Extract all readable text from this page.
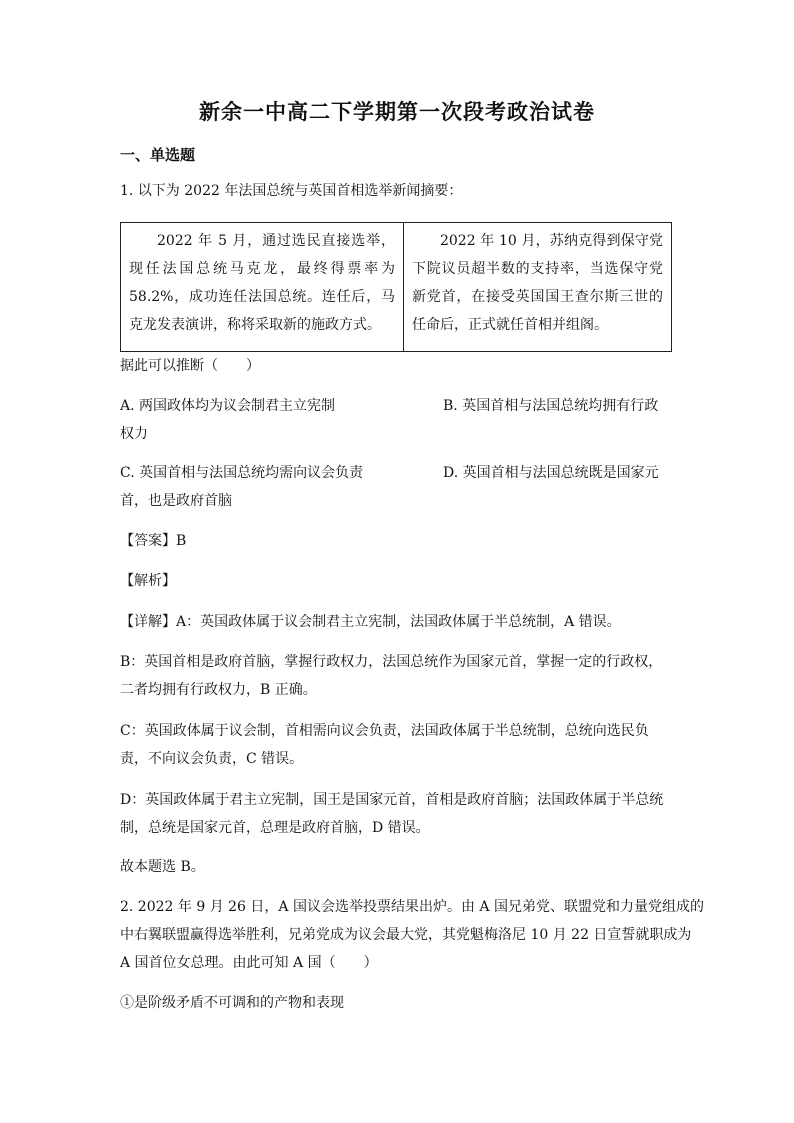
新余一中高二下学期第一次段考政治试卷
一、单选题
1. 以下为 2022 年法国总统与英国首相选举新闻摘要：
2022 年 5 月，通过选民直接选举，现任法国总统马克龙，最终得票率为 58.2%，成功连任法国总统。连任后，马克龙发表演讲，称将采取新的施政方式。
2022 年 10 月，苏纳克得到保守党下院议员超半数的支持率，当选保守党新党首，在接受英国国王查尔斯三世的任命后，正式就任首相并组阁。
据此可以推断（　　）
A. 两国政体均为议会制君主立宪制	B. 英国首相与法国总统均拥有行政
权力
C. 英国首相与法国总统均需向议会负责	D. 英国首相与法国总统既是国家元
首，也是政府首脑
【答案】B
【解析】
【详解】A：英国政体属于议会制君主立宪制，法国政体属于半总统制，A 错误。
B：英国首相是政府首脑，掌握行政权力，法国总统作为国家元首，掌握一定的行政权，
二者均拥有行政权力，B 正确。
C：英国政体属于议会制，首相需向议会负责，法国政体属于半总统制，总统向选民负
责，不向议会负责，C 错误。
D：英国政体属于君主立宪制，国王是国家元首，首相是政府首脑；法国政体属于半总统
制，总统是国家元首，总理是政府首脑，D 错误。
故本题选 B。
2. 2022 年 9 月 26 日，A 国议会选举投票结果出炉。由 A 国兄弟党、联盟党和力量党组成的
中右翼联盟赢得选举胜利，兄弟党成为议会最大党，其党魁梅洛尼 10 月 22 日宣誓就职成为
A 国首位女总理。由此可知 A 国（　　）
①是阶级矛盾不可调和的产物和表现
